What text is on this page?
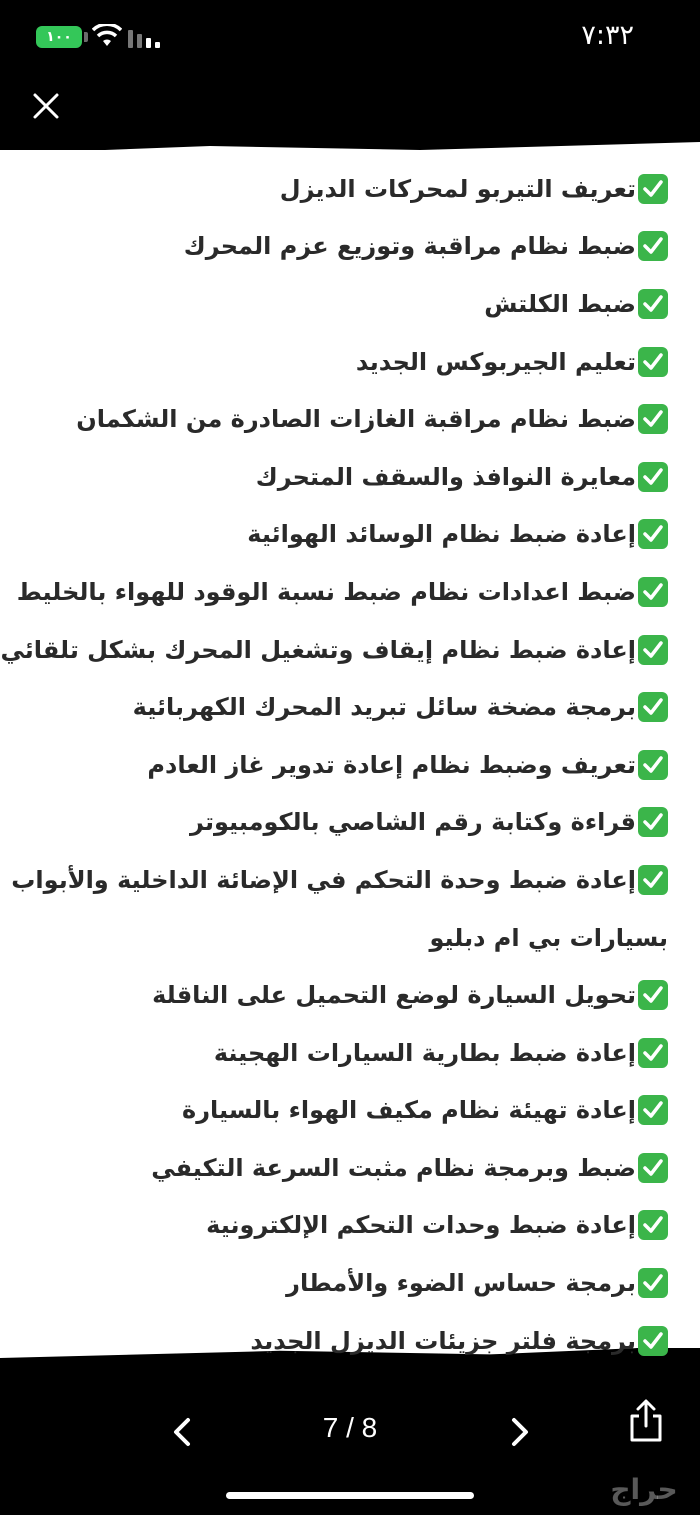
١٠٠	٧:٣٢
تعريف التيربو لمحركات الديزل
ضبط نظام مراقبة وتوزيع عزم المحرك
ضبط الكلتش
تعليم الجيربوكس الجديد
ضبط نظام مراقبة الغازات الصادرة من الشكمان
معايرة النوافذ والسقف المتحرك
إعادة ضبط نظام الوسائد الهوائية
ضبط اعدادات نظام ضبط نسبة الوقود للهواء بالخليط
إعادة ضبط نظام إيقاف وتشغيل المحرك بشكل تلقائي
برمجة مضخة سائل تبريد المحرك الكهربائية
تعريف وضبط نظام إعادة تدوير غاز العادم
قراءة وكتابة رقم الشاصي بالكومبيوتر
إعادة ضبط وحدة التحكم في الإضائة الداخلية والأبواب
بسيارات بي ام دبليو
تحويل السيارة لوضع التحميل على الناقلة
إعادة ضبط بطارية السيارات الهجينة
إعادة تهيئة نظام مكيف الهواء بالسيارة
ضبط وبرمجة نظام مثبت السرعة التكيفي
إعادة ضبط وحدات التحكم الإلكترونية
برمجة حساس الضوء والأمطار
برمجة فلتر جزيئات الديزل الجديد
7 / 8
حراج
